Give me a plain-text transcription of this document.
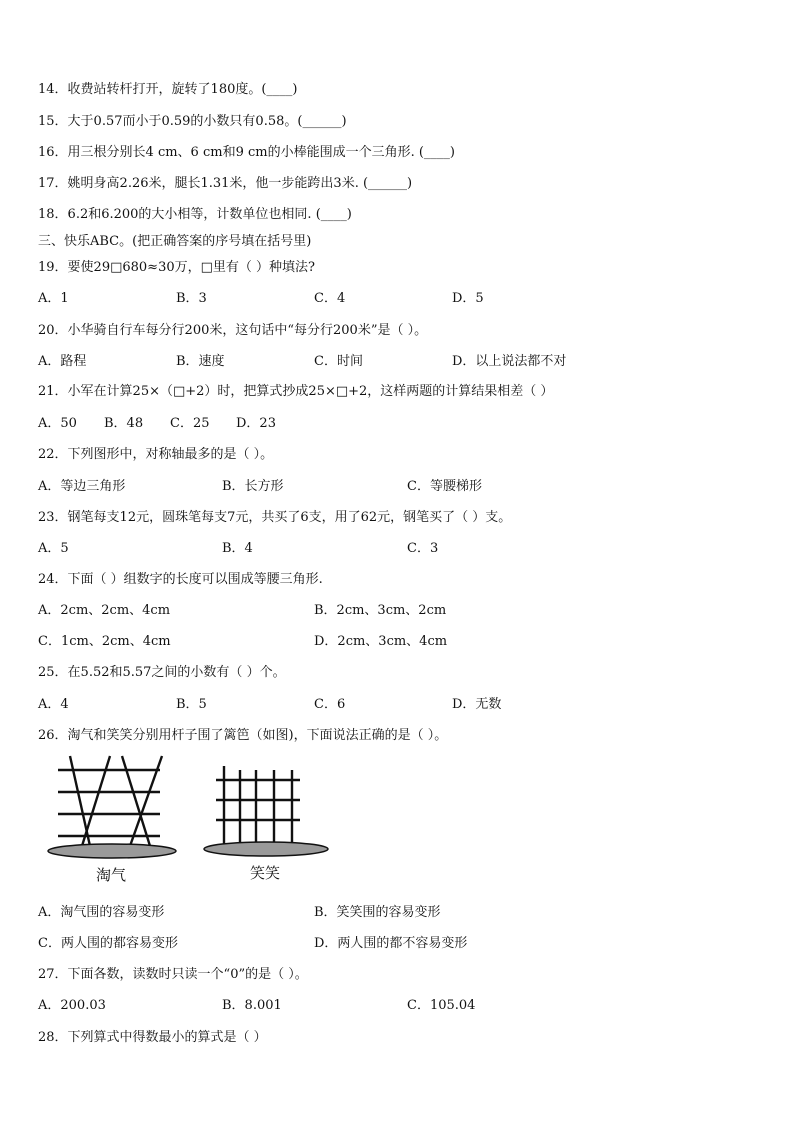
14．收费站转杆打开，旋转了180度。(____)
15．大于0.57而小于0.59的小数只有0.58。(______)
16．用三根分别长4 cm、6 cm和9 cm的小棒能围成一个三角形. (____)
17．姚明身高2.26米，腿长1.31米，他一步能跨出3米. (______)
18．6.2和6.200的大小相等，计数单位也相同. (____)
三、快乐ABC。(把正确答案的序号填在括号里)
19．要使29□680≈30万，□里有（ ）种填法?
A．1	B．3	C．4	D．5
20．小华骑自行车每分行200米，这句话中“每分行200米”是（ ）。
A．路程	B．速度	C．时间	D．以上说法都不对
21．小军在计算25×（□+2）时，把算式抄成25×□+2，这样两题的计算结果相差（ ）
A．50 B．48 C．25 D．23
22．下列图形中，对称轴最多的是（ ）。
A．等边三角形	B．长方形	C．等腰梯形
23．钢笔每支12元，圆珠笔每支7元，共买了6支，用了62元，钢笔买了（ ）支。
A．5	B．4	C．3
24．下面（ ）组数字的长度可以围成等腰三角形.
A．2cm、2cm、4cm	B．2cm、3cm、2cm
C．1cm、2cm、4cm	D．2cm、3cm、4cm
25．在5.52和5.57之间的小数有（ ）个。
A．4	B．5	C．6	D．无数
26．淘气和笑笑分别用杆子围了篱笆（如图)，下面说法正确的是（ ）。
淘气	笑笑
A．淘气围的容易变形	B．笑笑围的容易变形
C．两人围的都容易变形	D．两人围的都不容易变形
27．下面各数，读数时只读一个“0”的是（ ）。
A．200.03	B．8.001	C．105.04
28．下列算式中得数最小的算式是（ ）
